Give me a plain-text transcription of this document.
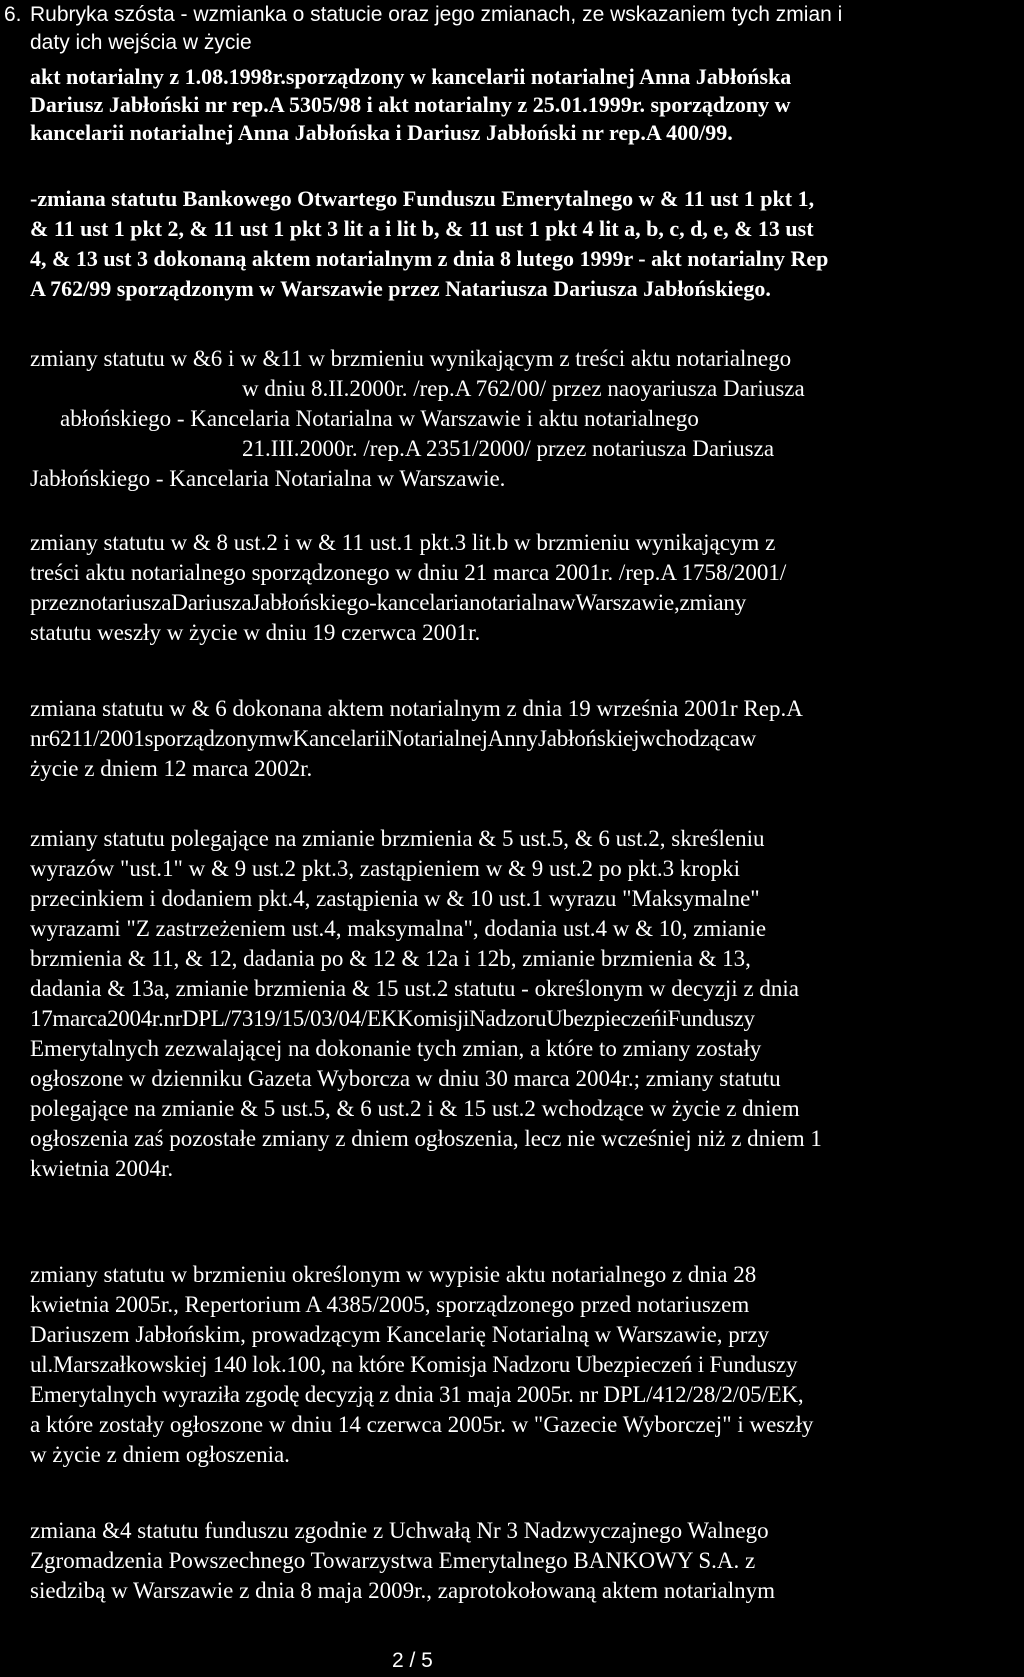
6. Rubryka szósta - wzmianka o statucie oraz jego zmianach, ze wskazaniem tych zmian i
daty ich wejścia w życie
akt notarialny z 1.08.1998r.sporządzony w kancelarii notarialnej Anna Jabłońska
Dariusz Jabłoński nr rep.A 5305/98 i akt notarialny z 25.01.1999r. sporządzony w
kancelarii notarialnej Anna Jabłońska i Dariusz Jabłoński nr rep.A 400/99.
-zmiana statutu Bankowego Otwartego Funduszu Emerytalnego w & 11 ust 1 pkt 1,
& 11 ust 1 pkt 2, & 11 ust 1 pkt 3 lit a i lit b, & 11 ust 1 pkt 4 lit a, b, c, d, e, & 13 ust
4, & 13 ust 3 dokonaną aktem notarialnym z dnia 8 lutego 1999r - akt notarialny Rep
A 762/99 sporządzonym w Warszawie przez Natariusza Dariusza Jabłońskiego.
zmiany statutu w &6 i w &11 w brzmieniu wynikającym z treści aktu notarialnego
w dniu 8.II.2000r. /rep.A 762/00/ przez naoyariusza Dariusza
abłońskiego - Kancelaria Notarialna w Warszawie i aktu notarialnego
21.III.2000r. /rep.A 2351/2000/ przez notariusza Dariusza
Jabłońskiego - Kancelaria Notarialna w Warszawie.
zmiany statutu w & 8 ust.2 i w & 11 ust.1 pkt.3 lit.b w brzmieniu wynikającym z
treści aktu notarialnego sporządzonego w dniu 21 marca 2001r. /rep.A 1758/2001/
przeznotariuszaDariuszaJabłońskiego-kancelarianotarialnawWarszawie,zmiany
statutu weszły w życie w dniu 19 czerwca 2001r.
zmiana statutu w & 6 dokonana aktem notarialnym z dnia 19 września 2001r Rep.A
nr6211/2001sporządzonymwKancelariiNotarialnejAnnyJabłońskiejwchodzącaw
życie z dniem 12 marca 2002r.
zmiany statutu polegające na zmianie brzmienia & 5 ust.5, & 6 ust.2, skreśleniu
wyrazów "ust.1" w & 9 ust.2 pkt.3, zastąpieniem w & 9 ust.2 po pkt.3 kropki
przecinkiem i dodaniem pkt.4, zastąpienia w & 10 ust.1 wyrazu "Maksymalne"
wyrazami "Z zastrzeżeniem ust.4, maksymalna", dodania ust.4 w & 10, zmianie
brzmienia & 11, & 12, dadania po & 12 & 12a i 12b, zmianie brzmienia & 13,
dadania & 13a, zmianie brzmienia & 15 ust.2 statutu - określonym w decyzji z dnia
17marca2004r.nrDPL/7319/15/03/04/EKKomisjiNadzoruUbezpieczeńiFunduszy
Emerytalnych zezwalającej na dokonanie tych zmian, a które to zmiany zostały
ogłoszone w dzienniku Gazeta Wyborcza w dniu 30 marca 2004r.; zmiany statutu
polegające na zmianie & 5 ust.5, & 6 ust.2 i & 15 ust.2 wchodzące w życie z dniem
ogłoszenia zaś pozostałe zmiany z dniem ogłoszenia, lecz nie wcześniej niż z dniem 1
kwietnia 2004r.
zmiany statutu w brzmieniu określonym w wypisie aktu notarialnego z dnia 28
kwietnia 2005r., Repertorium A 4385/2005, sporządzonego przed notariuszem
Dariuszem Jabłońskim, prowadzącym Kancelarię Notarialną w Warszawie, przy
ul.Marszałkowskiej 140 lok.100, na które Komisja Nadzoru Ubezpieczeń i Funduszy
Emerytalnych wyraziła zgodę decyzją z dnia 31 maja 2005r. nr DPL/412/28/2/05/EK,
a które zostały ogłoszone w dniu 14 czerwca 2005r. w "Gazecie Wyborczej" i weszły
w życie z dniem ogłoszenia.
zmiana &4 statutu funduszu zgodnie z Uchwałą Nr 3 Nadzwyczajnego Walnego
Zgromadzenia Powszechnego Towarzystwa Emerytalnego BANKOWY S.A. z
siedzibą w Warszawie z dnia 8 maja 2009r., zaprotokołowaną aktem notarialnym
2 / 5
